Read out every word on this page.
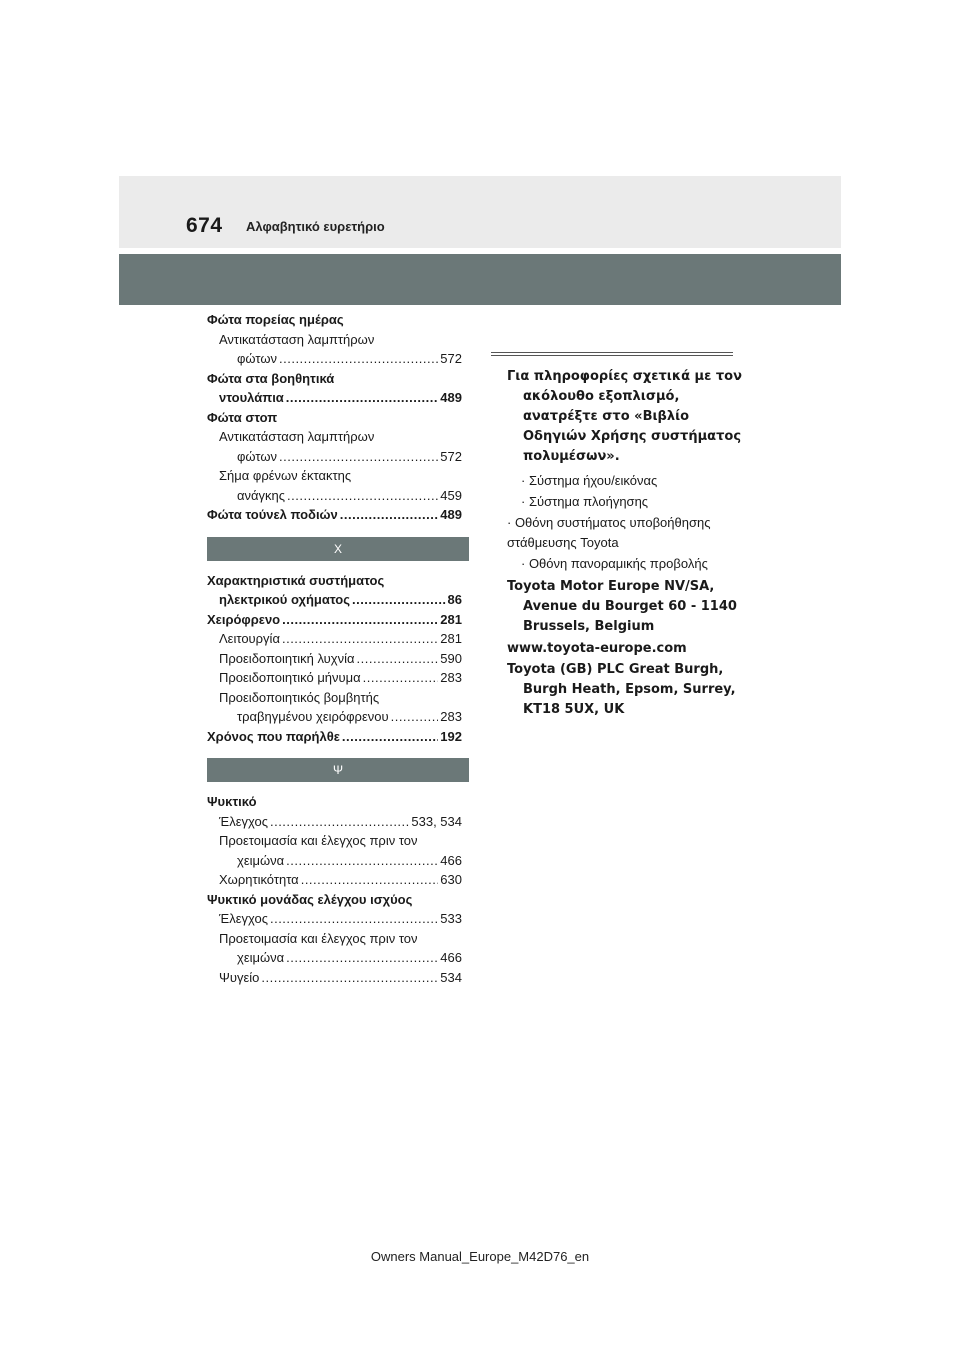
674 Αλφαβητικό ευρετήριο
Φώτα πορείας ημέρας
Αντικατάσταση λαμπτήρων
φώτων .....	572
Φώτα στα βοηθητικά
ντουλάπια .....	489
Φώτα στοπ
Αντικατάσταση λαμπτήρων
φώτων .....	572
Σήμα φρένων έκτακτης
ανάγκης .....	459
Φώτα τούνελ ποδιών .....	489
X
Χαρακτηριστικά συστήματος
ηλεκτρικού οχήματος .....	86
Χειρόφρενο .....	281
Λειτουργία .....	281
Προειδοποιητική λυχνία .....	590
Προειδοποιητικό μήνυμα .....	283
Προειδοποιητικός βομβητής
τραβηγμένου χειρόφρενου .....	283
Χρόνος που παρήλθε .....	192
Ψ
Ψυκτικό
Έλεγχος .....	533, 534
Προετοιμασία και έλεγχος πριν τον
χειμώνα .....	466
Χωρητικότητα .....	630
Ψυκτικό μονάδας ελέγχου ισχύος
Έλεγχος .....	533
Προετοιμασία και έλεγχος πριν τον
χειμώνα .....	466
Ψυγείο .....	534
Για πληροφορίες σχετικά με τον ακόλουθο εξοπλισμό, ανατρέξτε στο «Βιβλίο Οδηγιών Χρήσης συστήματος πολυμέσων».
· Σύστημα ήχου/εικόνας
· Σύστημα πλοήγησης
· Οθόνη συστήματος υποβοήθησης στάθμευσης Toyota
· Οθόνη πανοραμικής προβολής
Toyota Motor Europe NV/SA, Avenue du Bourget 60 - 1140 Brussels, Belgium
www.toyota-europe.com
Toyota (GB) PLC Great Burgh, Burgh Heath, Epsom, Surrey, KT18 5UX, UK
Owners Manual_Europe_M42D76_en
